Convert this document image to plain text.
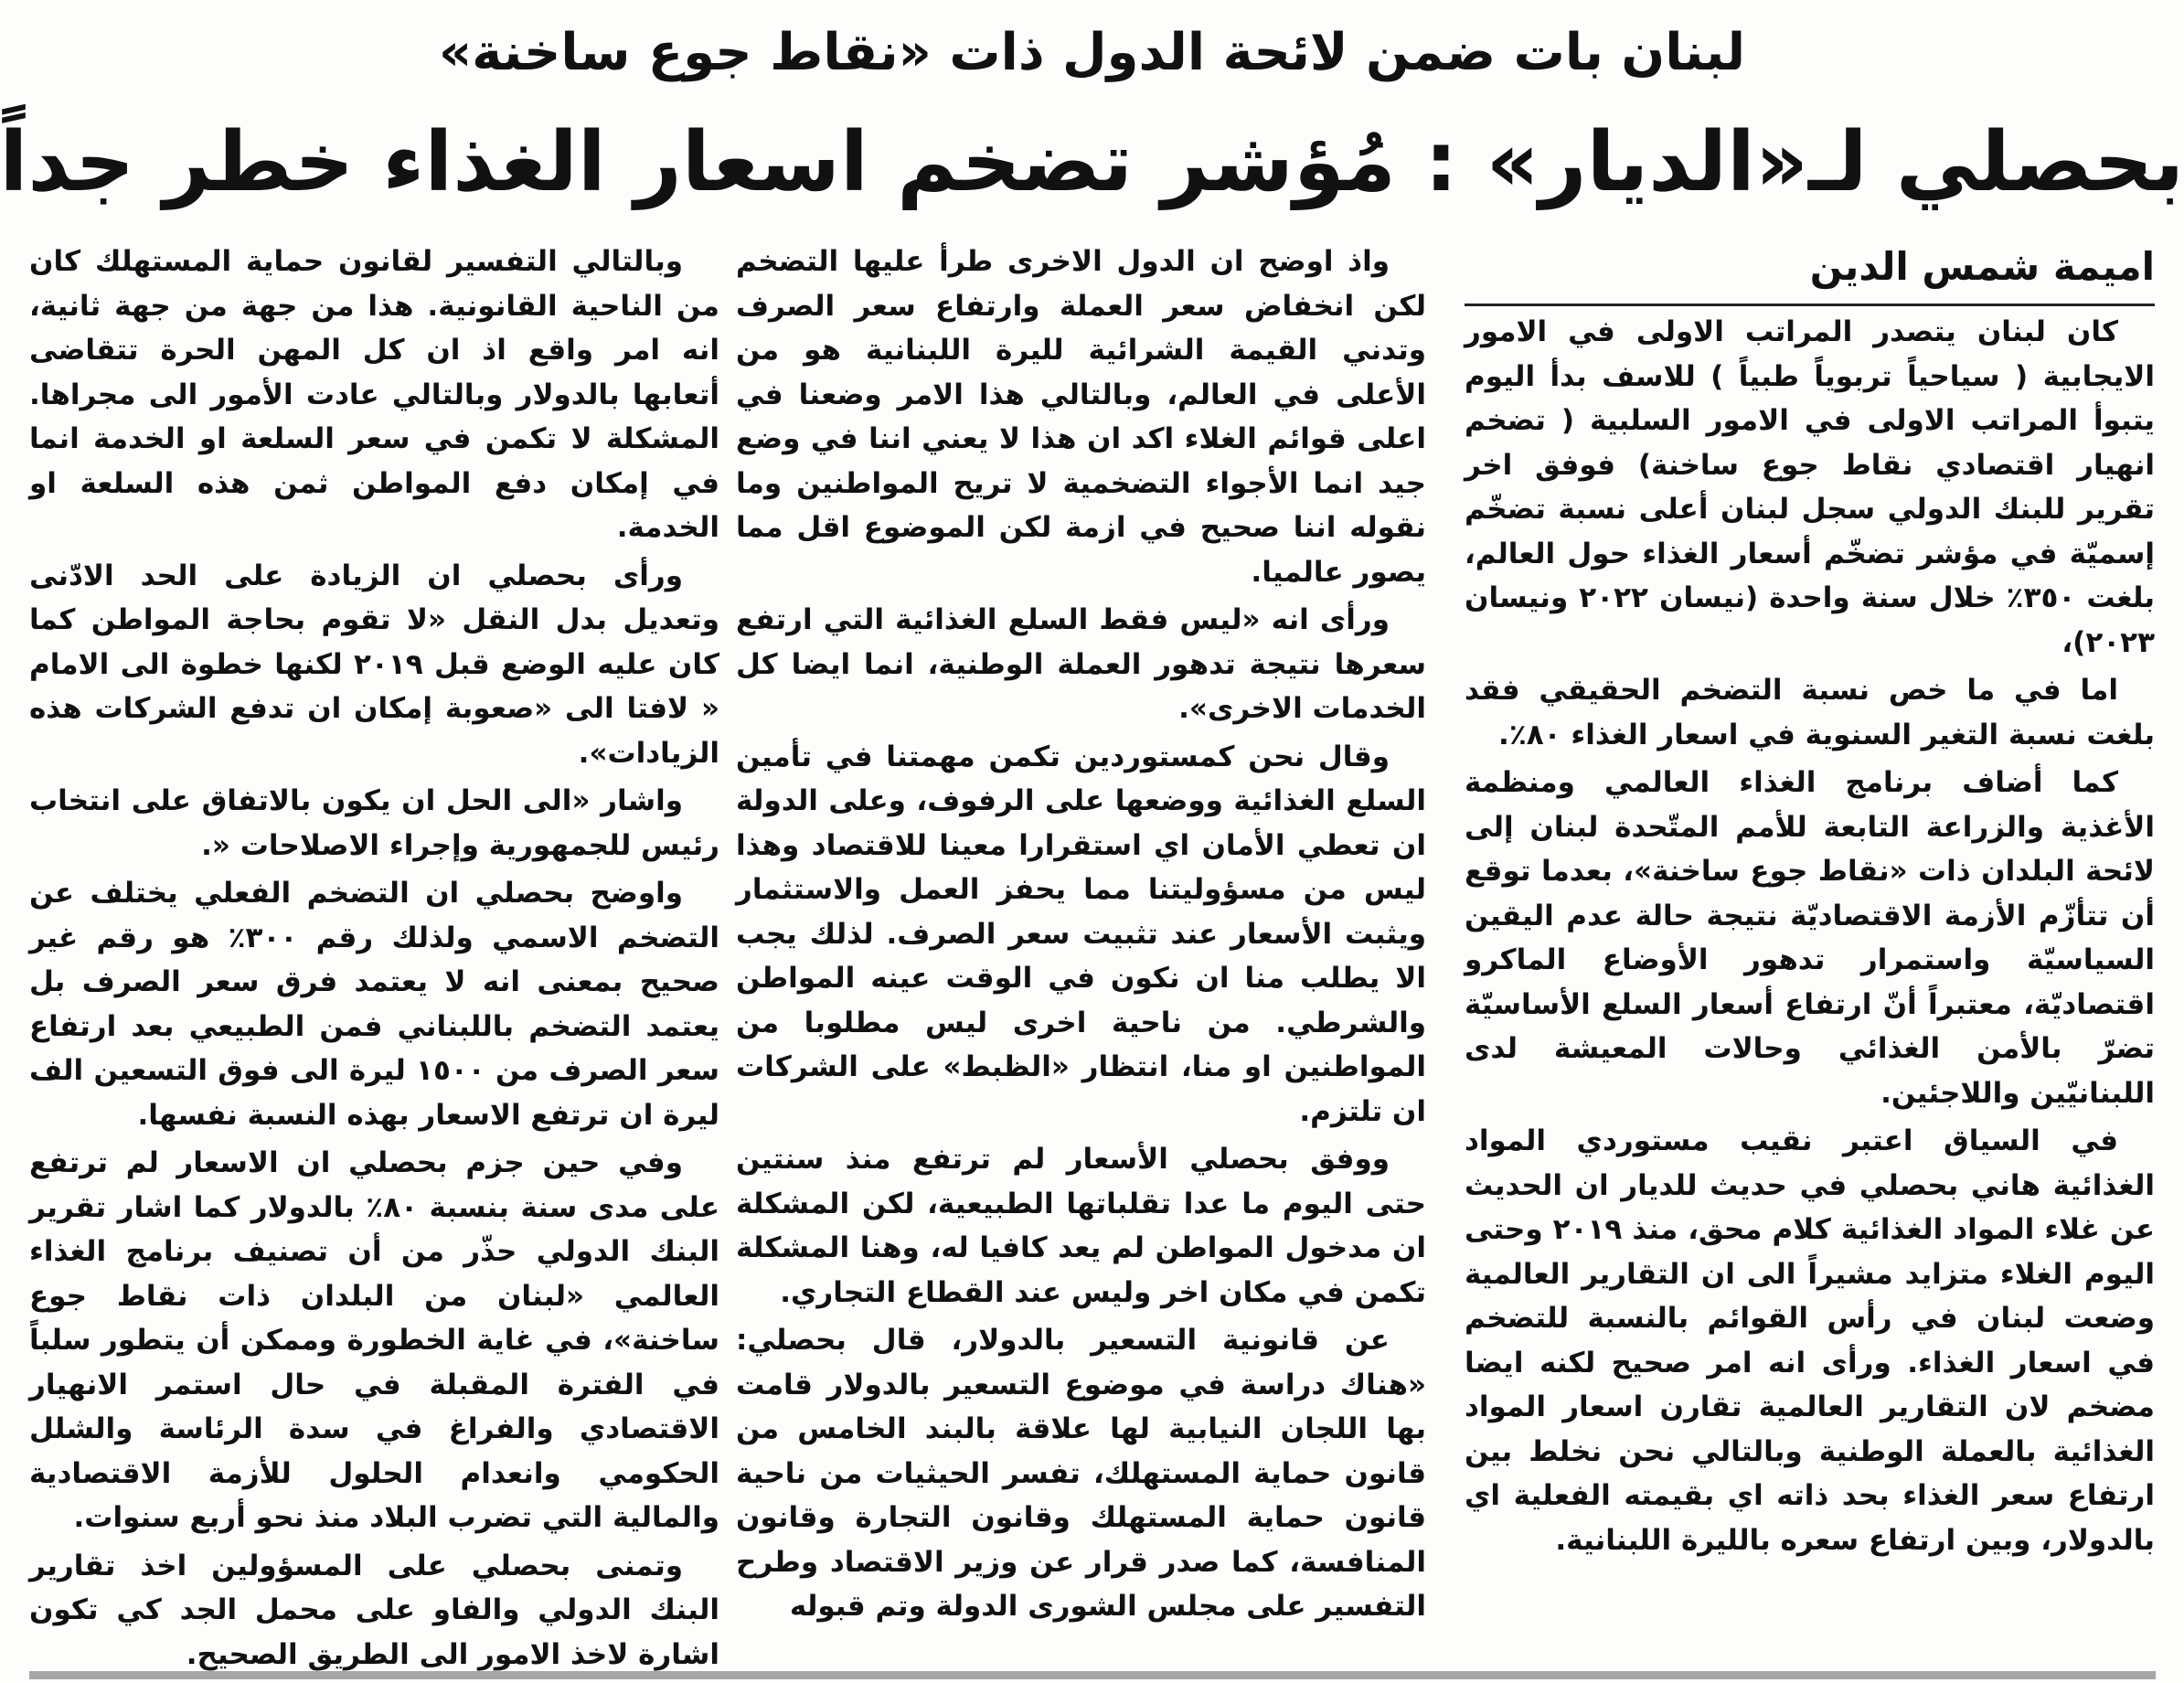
لبنان بات ضمن لائحة الدول ذات «نقاط جوع ساخنة»
بحصلي لـ«الديار» : مُؤشر تضخم اسعار الغذاء خطر جداً

اميمة شمس الدين

كان لبنان يتصدر المراتب الاولى في الامور الايجابية ( سياحياً تربوياً طبياً ) للاسف بدأ اليوم يتبوأ المراتب الاولى في الامور السلبية ( تضخم انهيار اقتصادي نقاط جوع ساخنة) فوفق اخر تقرير للبنك الدولي سجل لبنان أعلى نسبة تضخّم إسميّة في مؤشر تضخّم أسعار الغذاء حول العالم، بلغت ٣٥٠٪ خلال سنة واحدة (نيسان ٢٠٢٢ ونيسان ٢٠٢٣)،

اما في ما خص نسبة التضخم الحقيقي فقد بلغت نسبة التغير السنوية في اسعار الغذاء ٨٠٪.

كما أضاف برنامج الغذاء العالمي ومنظمة الأغذية والزراعة التابعة للأمم المتّحدة لبنان إلى لائحة البلدان ذات «نقاط جوع ساخنة»، بعدما توقع أن تتأزّم الأزمة الاقتصاديّة نتيجة حالة عدم اليقين السياسيّة واستمرار تدهور الأوضاع الماكرو اقتصاديّة، معتبراً أنّ ارتفاع أسعار السلع الأساسيّة تضرّ بالأمن الغذائي وحالات المعيشة لدى اللبنانيّين واللاجئين.

في السياق اعتبر نقيب مستوردي المواد الغذائية هاني بحصلي في حديث للديار ان الحديث عن غلاء المواد الغذائية كلام محق، منذ ٢٠١٩ وحتى اليوم الغلاء متزايد مشيراً الى ان التقارير العالمية وضعت لبنان في رأس القوائم بالنسبة للتضخم في اسعار الغذاء. ورأى انه امر صحيح لكنه ايضا مضخم لان التقارير العالمية تقارن اسعار المواد الغذائية بالعملة الوطنية وبالتالي نحن نخلط بين ارتفاع سعر الغذاء بحد ذاته اي بقيمته الفعلية اي بالدولار، وبين ارتفاع سعره بالليرة اللبنانية.

واذ اوضح ان الدول الاخرى طرأ عليها التضخم لكن انخفاض سعر العملة وارتفاع سعر الصرف وتدني القيمة الشرائية لليرة اللبنانية هو من الأعلى في العالم، وبالتالي هذا الامر وضعنا في اعلى قوائم الغلاء اكد ان هذا لا يعني اننا في وضع جيد انما الأجواء التضخمية لا تريح المواطنين وما نقوله اننا صحيح في ازمة لكن الموضوع اقل مما يصور عالميا.

ورأى انه «ليس فقط السلع الغذائية التي ارتفع سعرها نتيجة تدهور العملة الوطنية، انما ايضا كل الخدمات الاخرى».

وقال نحن كمستوردين تكمن مهمتنا في تأمين السلع الغذائية ووضعها على الرفوف، وعلى الدولة ان تعطي الأمان اي استقرارا معينا للاقتصاد وهذا ليس من مسؤوليتنا مما يحفز العمل والاستثمار ويثبت الأسعار عند تثبيت سعر الصرف. لذلك يجب الا يطلب منا ان نكون في الوقت عينه المواطن والشرطي. من ناحية اخرى ليس مطلوبا من المواطنين او منا، انتظار «الظبط» على الشركات ان تلتزم.

ووفق بحصلي الأسعار لم ترتفع منذ سنتين حتى اليوم ما عدا تقلباتها الطبيعية، لكن المشكلة ان مدخول المواطن لم يعد كافيا له، وهنا المشكلة تكمن في مكان اخر وليس عند القطاع التجاري.

عن قانونية التسعير بالدولار، قال بحصلي: «هناك دراسة في موضوع التسعير بالدولار قامت بها اللجان النيابية لها علاقة بالبند الخامس من قانون حماية المستهلك، تفسر الحيثيات من ناحية قانون حماية المستهلك وقانون التجارة وقانون المنافسة، كما صدر قرار عن وزير الاقتصاد وطرح التفسير على مجلس الشورى الدولة وتم قبوله

وبالتالي التفسير لقانون حماية المستهلك كان من الناحية القانونية. هذا من جهة من جهة ثانية، انه امر واقع اذ ان كل المهن الحرة تتقاضى أتعابها بالدولار وبالتالي عادت الأمور الى مجراها. المشكلة لا تكمن في سعر السلعة او الخدمة انما في إمكان دفع المواطن ثمن هذه السلعة او الخدمة.

ورأى بحصلي ان الزيادة على الحد الادّنى وتعديل بدل النقل «لا تقوم بحاجة المواطن كما كان عليه الوضع قبل ٢٠١٩ لكنها خطوة الى الامام « لافتا الى «صعوبة إمكان ان تدفع الشركات هذه الزيادات».

واشار «الى الحل ان يكون بالاتفاق على انتخاب رئيس للجمهورية وإجراء الاصلاحات «.

واوضح بحصلي ان التضخم الفعلي يختلف عن التضخم الاسمي ولذلك رقم ٣٠٠٪ هو رقم غير صحيح بمعنى انه لا يعتمد فرق سعر الصرف بل يعتمد التضخم باللبناني فمن الطبيعي بعد ارتفاع سعر الصرف من ١٥٠٠ ليرة الى فوق التسعين الف ليرة ان ترتفع الاسعار بهذه النسبة نفسها.

وفي حين جزم بحصلي ان الاسعار لم ترتفع على مدى سنة بنسبة ٨٠٪ بالدولار كما اشار تقرير البنك الدولي حذّر من أن تصنيف برنامج الغذاء العالمي «لبنان من البلدان ذات نقاط جوع ساخنة»، في غاية الخطورة وممكن أن يتطور سلباً في الفترة المقبلة في حال استمر الانهيار الاقتصادي والفراغ في سدة الرئاسة والشلل الحكومي وانعدام الحلول للأزمة الاقتصادية والمالية التي تضرب البلاد منذ نحو أربع سنوات.

وتمنى بحصلي على المسؤولين اخذ تقارير البنك الدولي والفاو على محمل الجد كي تكون اشارة لاخذ الامور الى الطريق الصحيح.
